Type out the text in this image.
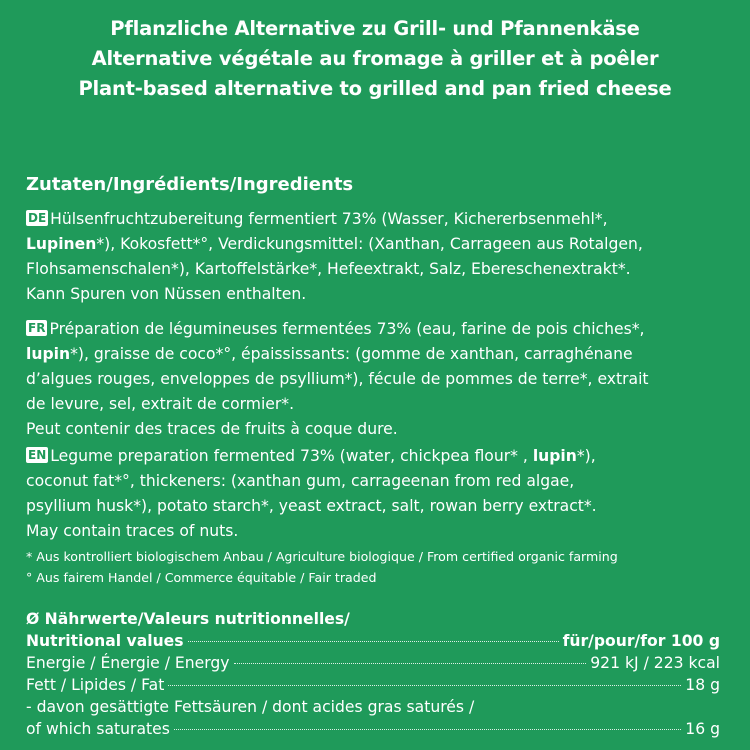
Pflanzliche Alternative zu Grill- und Pfannenkäse
Alternative végétale au fromage à griller et à poêler
Plant-based alternative to grilled and pan fried cheese
Zutaten/Ingrédients/Ingredients
DE Hülsenfruchtzubereitung fermentiert 73% (Wasser, Kichererbsenmehl*,
Lupinen*), Kokosfett*°, Verdickungsmittel: (Xanthan, Carrageen aus Rotalgen,
Flohsamenschalen*), Kartoffelstärke*, Hefeextrakt, Salz, Ebereschenextrakt*.
Kann Spuren von Nüssen enthalten.
FR Préparation de légumineuses fermentées 73% (eau, farine de pois chiches*,
lupin*), graisse de coco*°, épaississants: (gomme de xanthan, carraghénane
d’algues rouges, enveloppes de psyllium*), fécule de pommes de terre*, extrait
de levure, sel, extrait de cormier*.
Peut contenir des traces de fruits à coque dure.
EN Legume preparation fermented 73% (water, chickpea flour* , lupin*),
coconut fat*°, thickeners: (xanthan gum, carrageenan from red algae,
psyllium husk*), potato starch*, yeast extract, salt, rowan berry extract*.
May contain traces of nuts.
* Aus kontrolliert biologischem Anbau / Agriculture biologique / From certified organic farming
° Aus fairem Handel / Commerce équitable / Fair traded
Ø Nährwerte/Valeurs nutritionnelles/
Nutritional values	für/pour/for 100 g
Energie / Énergie / Energy	921 kJ / 223 kcal
Fett / Lipides / Fat	18 g
- davon gesättigte Fettsäuren / dont acides gras saturés /
of which saturates	16 g
